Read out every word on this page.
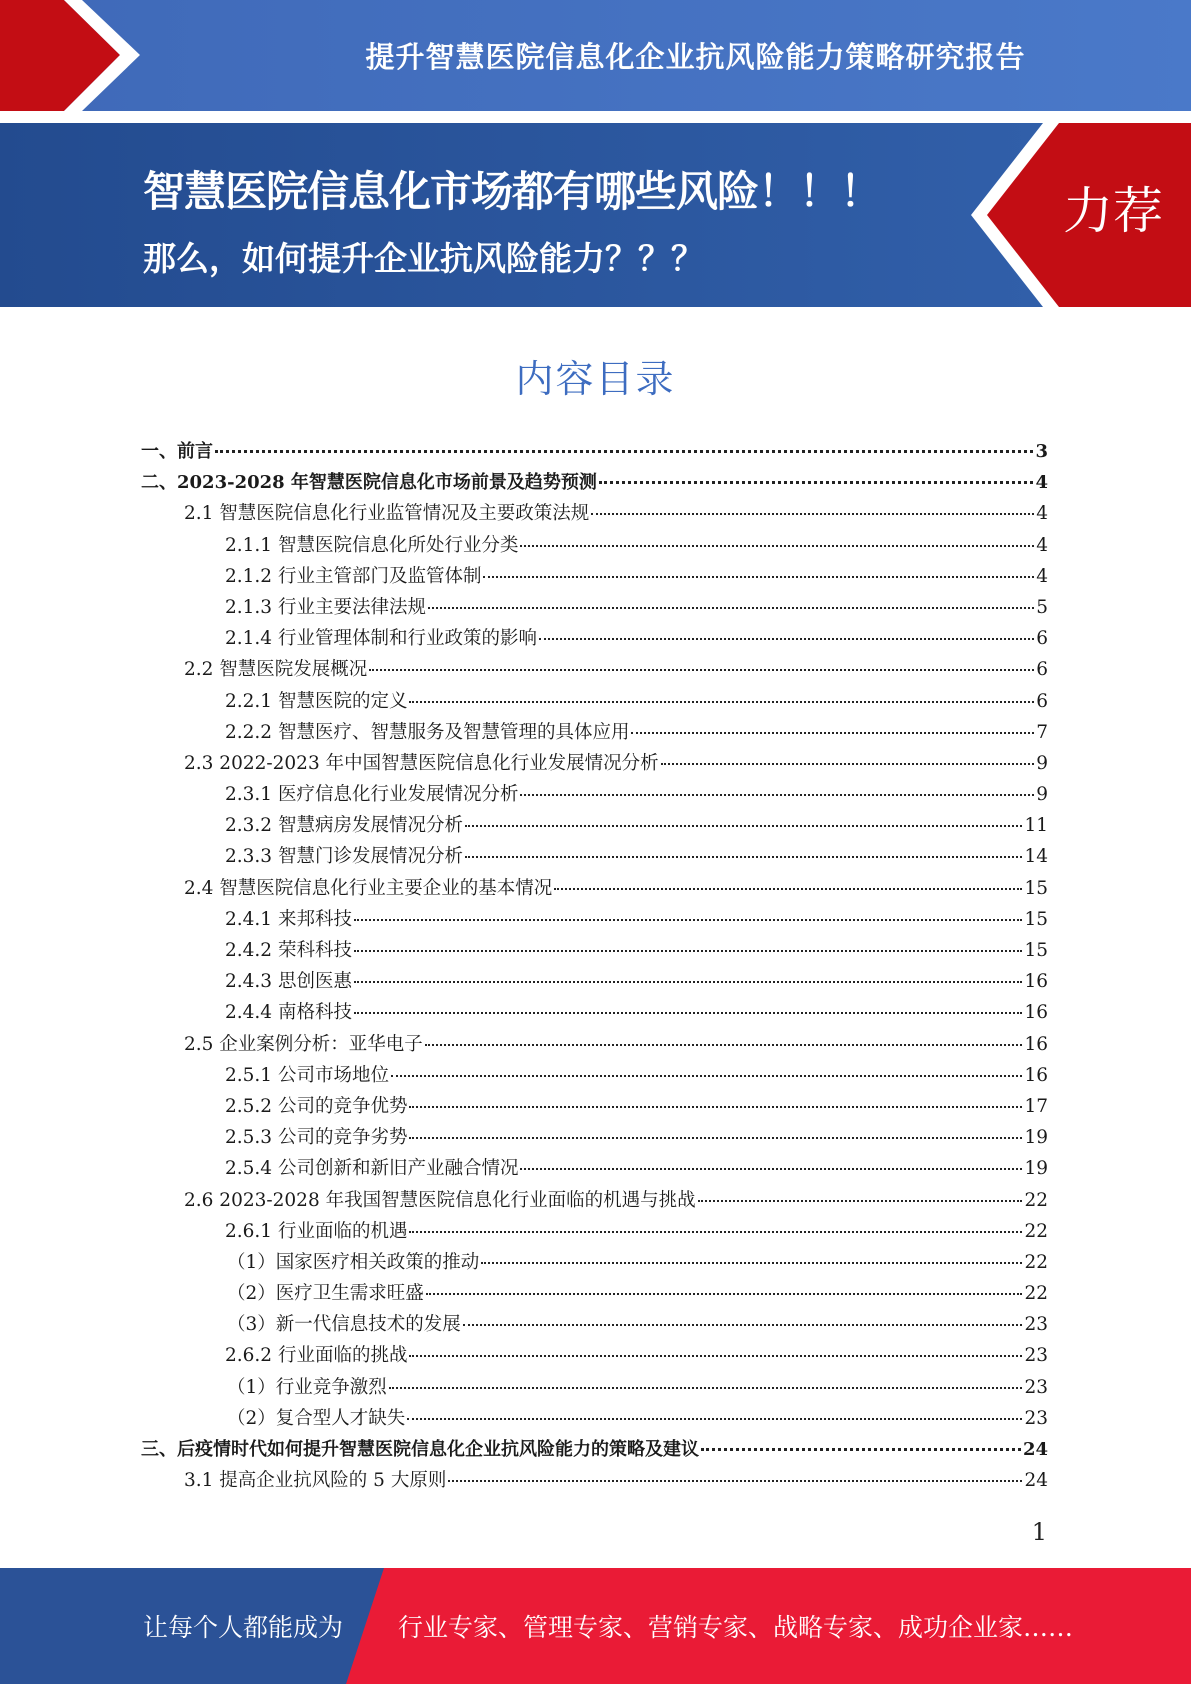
提升智慧医院信息化企业抗风险能力策略研究报告
智慧医院信息化市场都有哪些风险！！！
那么，如何提升企业抗风险能力？？？
力荐
内容目录
一、前言	3
二、2023-2028 年智慧医院信息化市场前景及趋势预测	4
2.1 智慧医院信息化行业监管情况及主要政策法规	4
2.1.1 智慧医院信息化所处行业分类	4
2.1.2 行业主管部门及监管体制	4
2.1.3 行业主要法律法规	5
2.1.4 行业管理体制和行业政策的影响	6
2.2 智慧医院发展概况	6
2.2.1 智慧医院的定义	6
2.2.2 智慧医疗、智慧服务及智慧管理的具体应用	7
2.3 2022-2023 年中国智慧医院信息化行业发展情况分析	9
2.3.1 医疗信息化行业发展情况分析	9
2.3.2 智慧病房发展情况分析	11
2.3.3 智慧门诊发展情况分析	14
2.4 智慧医院信息化行业主要企业的基本情况	15
2.4.1 来邦科技	15
2.4.2 荣科科技	15
2.4.3 思创医惠	16
2.4.4 南格科技	16
2.5 企业案例分析：亚华电子	16
2.5.1 公司市场地位	16
2.5.2 公司的竞争优势	17
2.5.3 公司的竞争劣势	19
2.5.4 公司创新和新旧产业融合情况	19
2.6 2023-2028 年我国智慧医院信息化行业面临的机遇与挑战	22
2.6.1 行业面临的机遇	22
（1）国家医疗相关政策的推动	22
（2）医疗卫生需求旺盛	22
（3）新一代信息技术的发展	23
2.6.2 行业面临的挑战	23
（1）行业竞争激烈	23
（2）复合型人才缺失	23
三、后疫情时代如何提升智慧医院信息化企业抗风险能力的策略及建议	24
3.1 提高企业抗风险的 5 大原则	24
1
让每个人都能成为 行业专家、管理专家、营销专家、战略专家、成功企业家……
